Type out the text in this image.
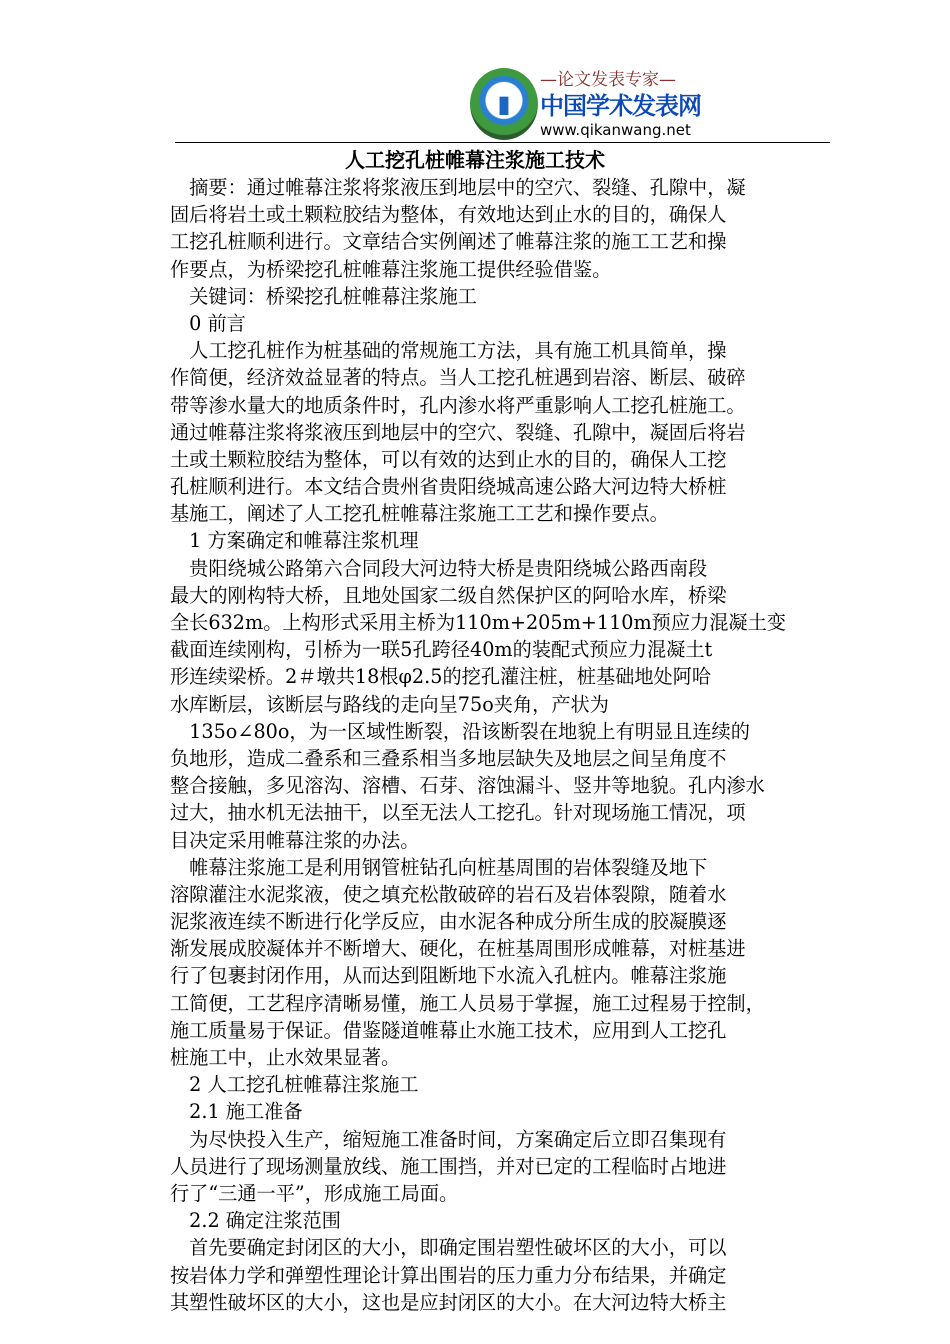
▮
—论文发表专家—
中国学术发表网
www.qikanwang.net
人工挖孔桩帷幕注浆施工技术
　摘要：通过帷幕注浆将浆液压到地层中的空穴、裂缝、孔隙中，凝
固后将岩土或土颗粒胶结为整体，有效地达到止水的目的，确保人
工挖孔桩顺利进行。文章结合实例阐述了帷幕注浆的施工工艺和操
作要点，为桥梁挖孔桩帷幕注浆施工提供经验借鉴。
　关键词：桥梁挖孔桩帷幕注浆施工
　0 前言
　人工挖孔桩作为桩基础的常规施工方法，具有施工机具简单，操
作简便，经济效益显著的特点。当人工挖孔桩遇到岩溶、断层、破碎
带等渗水量大的地质条件时，孔内渗水将严重影响人工挖孔桩施工。
通过帷幕注浆将浆液压到地层中的空穴、裂缝、孔隙中，凝固后将岩
土或土颗粒胶结为整体，可以有效的达到止水的目的，确保人工挖
孔桩顺利进行。本文结合贵州省贵阳绕城高速公路大河边特大桥桩
基施工，阐述了人工挖孔桩帷幕注浆施工工艺和操作要点。
　1 方案确定和帷幕注浆机理
　贵阳绕城公路第六合同段大河边特大桥是贵阳绕城公路西南段
最大的刚构特大桥，且地处国家二级自然保护区的阿哈水库，桥梁
全长632m。上构形式采用主桥为110m+205m+110m预应力混凝土变
截面连续刚构，引桥为一联5孔跨径40m的装配式预应力混凝土t
形连续梁桥。2＃墩共18根φ2.5的挖孔灌注桩，桩基础地处阿哈
水库断层，该断层与路线的走向呈75o夹角，产状为
　135o∠80o，为一区域性断裂，沿该断裂在地貌上有明显且连续的
负地形，造成二叠系和三叠系相当多地层缺失及地层之间呈角度不
整合接触，多见溶沟、溶槽、石芽、溶蚀漏斗、竖井等地貌。孔内渗水
过大，抽水机无法抽干，以至无法人工挖孔。针对现场施工情况，项
目决定采用帷幕注浆的办法。
　帷幕注浆施工是利用钢管桩钻孔向桩基周围的岩体裂缝及地下
溶隙灌注水泥浆液，使之填充松散破碎的岩石及岩体裂隙，随着水
泥浆液连续不断进行化学反应，由水泥各种成分所生成的胶凝膜逐
渐发展成胶凝体并不断增大、硬化，在桩基周围形成帷幕，对桩基进
行了包裹封闭作用，从而达到阻断地下水流入孔桩内。帷幕注浆施
工简便，工艺程序清晰易懂，施工人员易于掌握，施工过程易于控制，
施工质量易于保证。借鉴隧道帷幕止水施工技术，应用到人工挖孔
桩施工中，止水效果显著。
　2 人工挖孔桩帷幕注浆施工
　2.1 施工准备
　为尽快投入生产，缩短施工准备时间，方案确定后立即召集现有
人员进行了现场测量放线、施工围挡，并对已定的工程临时占地进
行了“三通一平”，形成施工局面。
　2.2 确定注浆范围
　首先要确定封闭区的大小，即确定围岩塑性破坏区的大小，可以
按岩体力学和弹塑性理论计算出围岩的压力重力分布结果，并确定
其塑性破坏区的大小，这也是应封闭区的大小。在大河边特大桥主
